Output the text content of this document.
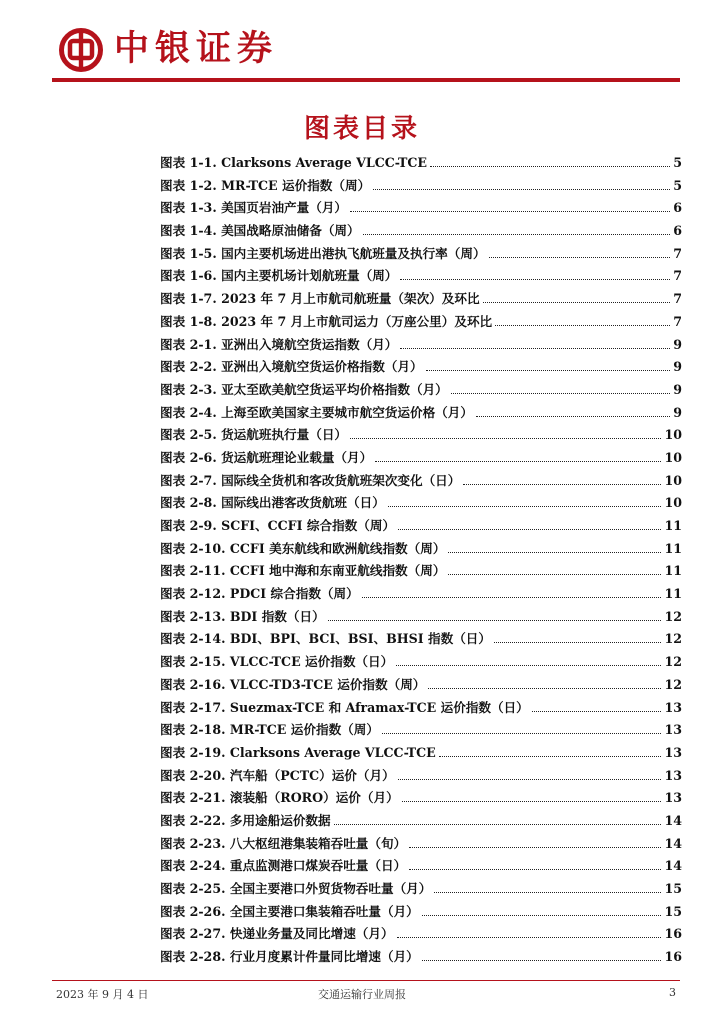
中银证券
图表目录
图表 1-1. Clarksons Average VLCC-TCE	5
图表 1-2. MR-TCE 运价指数（周）	5
图表 1-3. 美国页岩油产量（月）	6
图表 1-4. 美国战略原油储备（周）	6
图表 1-5. 国内主要机场进出港执飞航班量及执行率（周）	7
图表 1-6. 国内主要机场计划航班量（周）	7
图表 1-7. 2023 年 7 月上市航司航班量（架次）及环比	7
图表 1-8. 2023 年 7 月上市航司运力（万座公里）及环比	7
图表 2-1. 亚洲出入境航空货运指数（月）	9
图表 2-2. 亚洲出入境航空货运价格指数（月）	9
图表 2-3. 亚太至欧美航空货运平均价格指数（月）	9
图表 2-4. 上海至欧美国家主要城市航空货运价格（月）	9
图表 2-5. 货运航班执行量（日）	10
图表 2-6. 货运航班理论业载量（月）	10
图表 2-7. 国际线全货机和客改货航班架次变化（日）	10
图表 2-8. 国际线出港客改货航班（日）	10
图表 2-9. SCFI、CCFI 综合指数（周）	11
图表 2-10. CCFI 美东航线和欧洲航线指数（周）	11
图表 2-11. CCFI 地中海和东南亚航线指数（周）	11
图表 2-12. PDCI 综合指数（周）	11
图表 2-13. BDI 指数（日）	12
图表 2-14. BDI、BPI、BCI、BSI、BHSI 指数（日）	12
图表 2-15. VLCC-TCE 运价指数（日）	12
图表 2-16. VLCC-TD3-TCE 运价指数（周）	12
图表 2-17. Suezmax-TCE 和 Aframax-TCE 运价指数（日）	13
图表 2-18. MR-TCE 运价指数（周）	13
图表 2-19. Clarksons Average VLCC-TCE	13
图表 2-20. 汽车船（PCTC）运价（月）	13
图表 2-21. 滚装船（RORO）运价（月）	13
图表 2-22. 多用途船运价数据	14
图表 2-23. 八大枢纽港集装箱吞吐量（旬）	14
图表 2-24. 重点监测港口煤炭吞吐量（日）	14
图表 2-25. 全国主要港口外贸货物吞吐量（月）	15
图表 2-26. 全国主要港口集装箱吞吐量（月）	15
图表 2-27. 快递业务量及同比增速（月）	16
图表 2-28. 行业月度累计件量同比增速（月）	16
2023 年 9 月 4 日	交通运输行业周报	3
